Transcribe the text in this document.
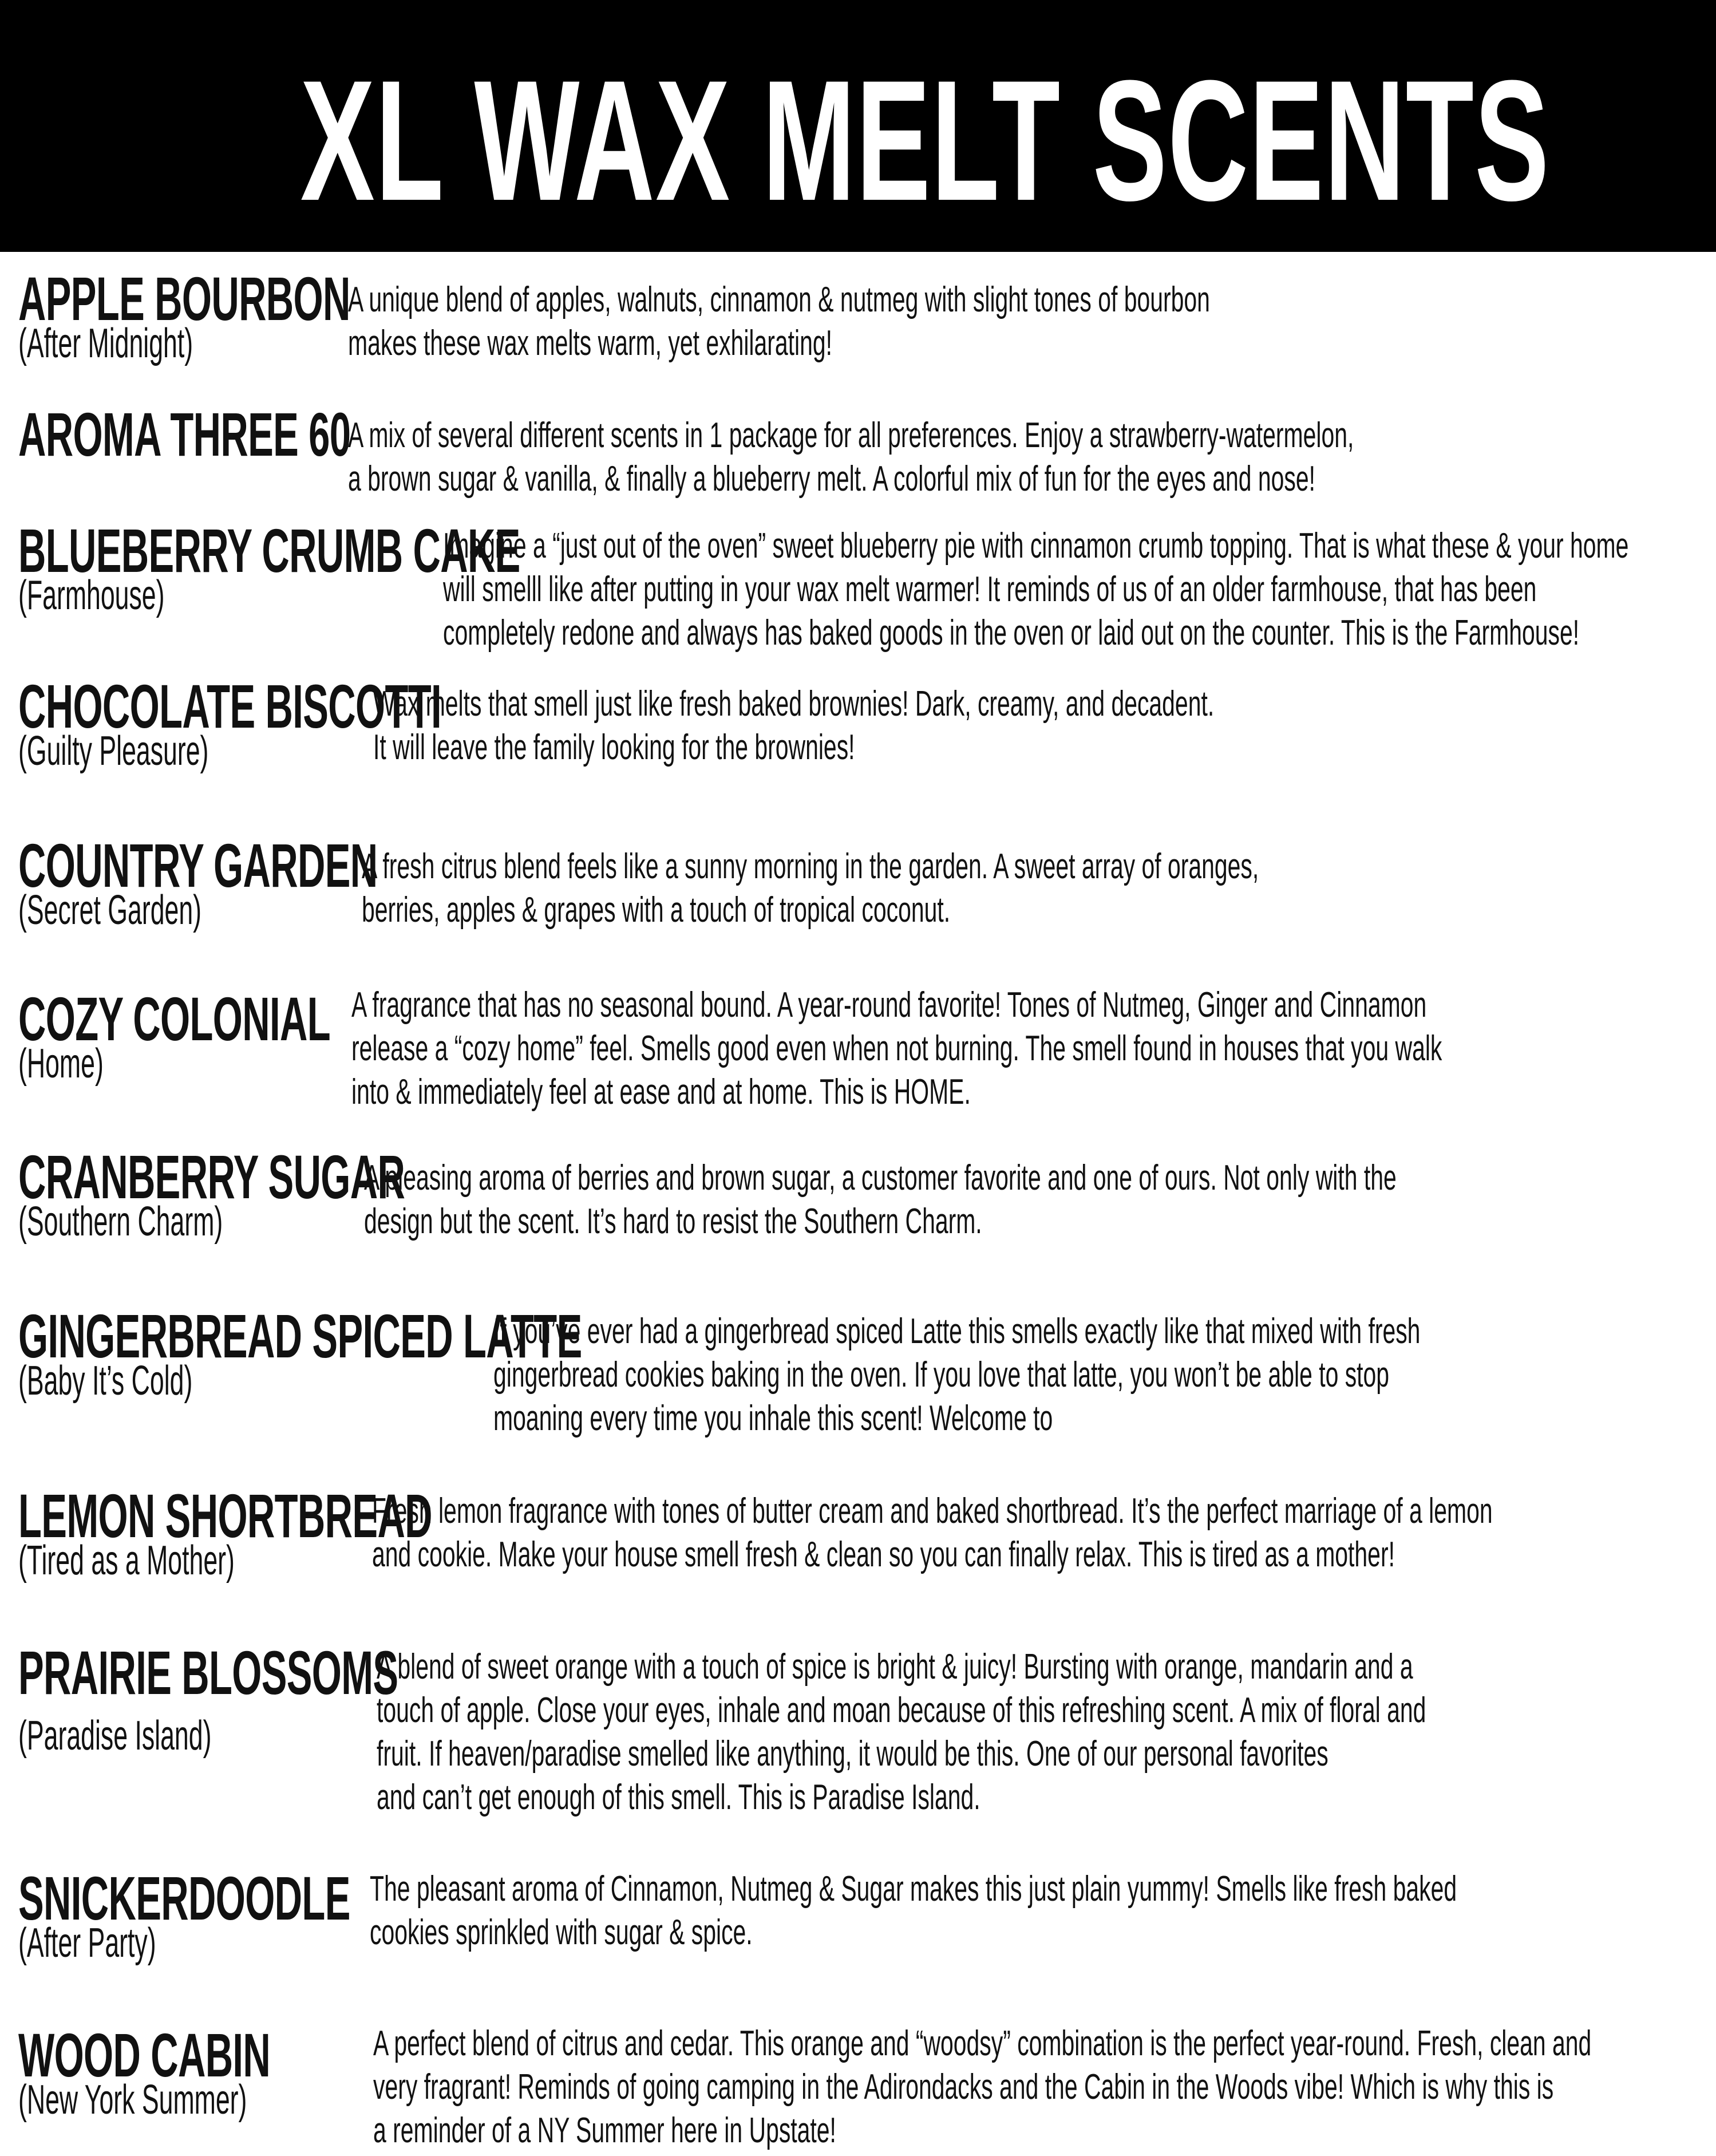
XL WAX MELT SCENTS
APPLE BOURBON
(After Midnight)
A unique blend of apples, walnuts, cinnamon & nutmeg with slight tones of bourbon
makes these wax melts warm, yet exhilarating!
AROMA THREE 60
A mix of several different scents in 1 package for all preferences. Enjoy a strawberry-watermelon,
a brown sugar & vanilla, & finally a blueberry melt. A colorful mix of fun for the eyes and nose!
BLUEBERRY CRUMB CAKE
(Farmhouse)
Imagine a “just out of the oven” sweet blueberry pie with cinnamon crumb topping. That is what these & your home
will smelll like after putting in your wax melt warmer! It reminds of us of an older farmhouse, that has been
completely redone and always has baked goods in the oven or laid out on the counter. This is the Farmhouse!
CHOCOLATE BISCOTTI
(Guilty Pleasure)
Wax melts that smell just like fresh baked brownies! Dark, creamy, and decadent.
It will leave the family looking for the brownies!
COUNTRY GARDEN
(Secret Garden)
A fresh citrus blend feels like a sunny morning in the garden. A sweet array of oranges,
berries, apples & grapes with a touch of tropical coconut.
COZY COLONIAL
(Home)
A fragrance that has no seasonal bound. A year-round favorite! Tones of Nutmeg, Ginger and Cinnamon
release a “cozy home” feel. Smells good even when not burning. The smell found in houses that you walk
into & immediately feel at ease and at home. This is HOME.
CRANBERRY SUGAR
(Southern Charm)
A pleasing aroma of berries and brown sugar, a customer favorite and one of ours. Not only with the
design but the scent. It’s hard to resist the Southern Charm.
GINGERBREAD SPICED LATTE
(Baby It’s Cold)
If you’ve ever had a gingerbread spiced Latte this smells exactly like that mixed with fresh
gingerbread cookies baking in the oven. If you love that latte, you won’t be able to stop
moaning every time you inhale this scent! Welcome to
LEMON SHORTBREAD
(Tired as a Mother)
Fresh lemon fragrance with tones of butter cream and baked shortbread. It’s the perfect marriage of a lemon
and cookie. Make your house smell fresh & clean so you can finally relax. This is tired as a mother!
PRAIRIE BLOSSOMS
(Paradise Island)
A blend of sweet orange with a touch of spice is bright & juicy! Bursting with orange, mandarin and a
touch of apple. Close your eyes, inhale and moan because of this refreshing scent. A mix of floral and
fruit. If heaven/paradise smelled like anything, it would be this. One of our personal favorites
and can’t get enough of this smell. This is Paradise Island.
SNICKERDOODLE
(After Party)
The pleasant aroma of Cinnamon, Nutmeg & Sugar makes this just plain yummy! Smells like fresh baked
cookies sprinkled with sugar & spice.
WOOD CABIN
(New York Summer)
A perfect blend of citrus and cedar. This orange and “woodsy” combination is the perfect year-round. Fresh, clean and
very fragrant! Reminds of going camping in the Adirondacks and the Cabin in the Woods vibe! Which is why this is
a reminder of a NY Summer here in Upstate!
